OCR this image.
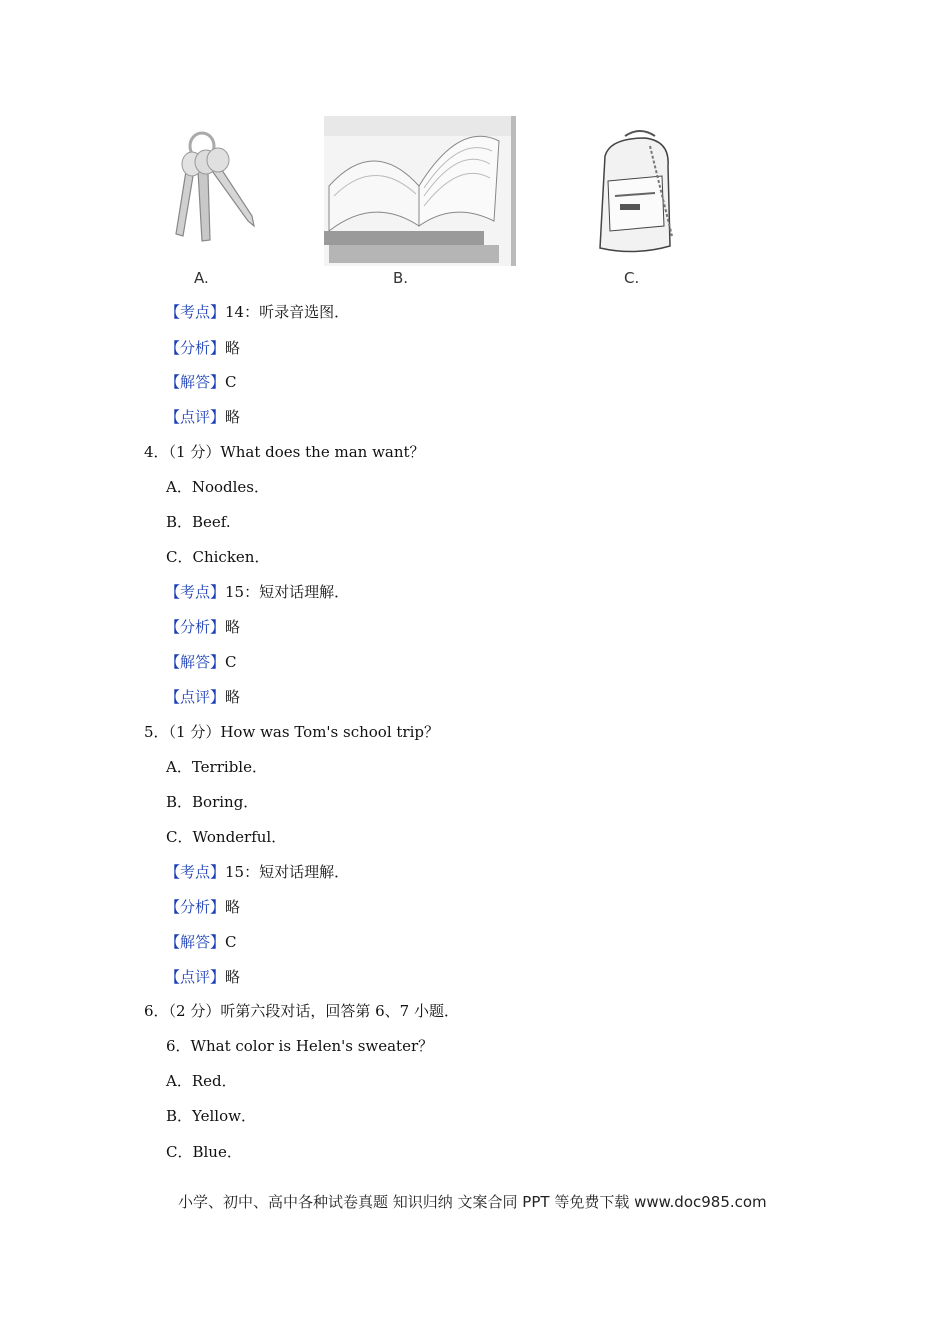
A.	B.	C.
【考点】14：听录音选图．
【分析】略
【解答】C
【点评】略
4．（1 分）What does the man want？
A．Noodles．
B．Beef.
C．Chicken．
【考点】15：短对话理解．
【分析】略
【解答】C
【点评】略
5．（1 分）How was Tom's school trip？
A．Terrible．
B．Boring．
C．Wonderful．
【考点】15：短对话理解．
【分析】略
【解答】C
【点评】略
6．（2 分）听第六段对话，回答第 6、7 小题．
6．What color is Helen's sweater？
A．Red．
B．Yellow．
C．Blue．
小学、初中、高中各种试卷真题 知识归纳 文案合同 PPT 等免费下载 www.doc985.com
